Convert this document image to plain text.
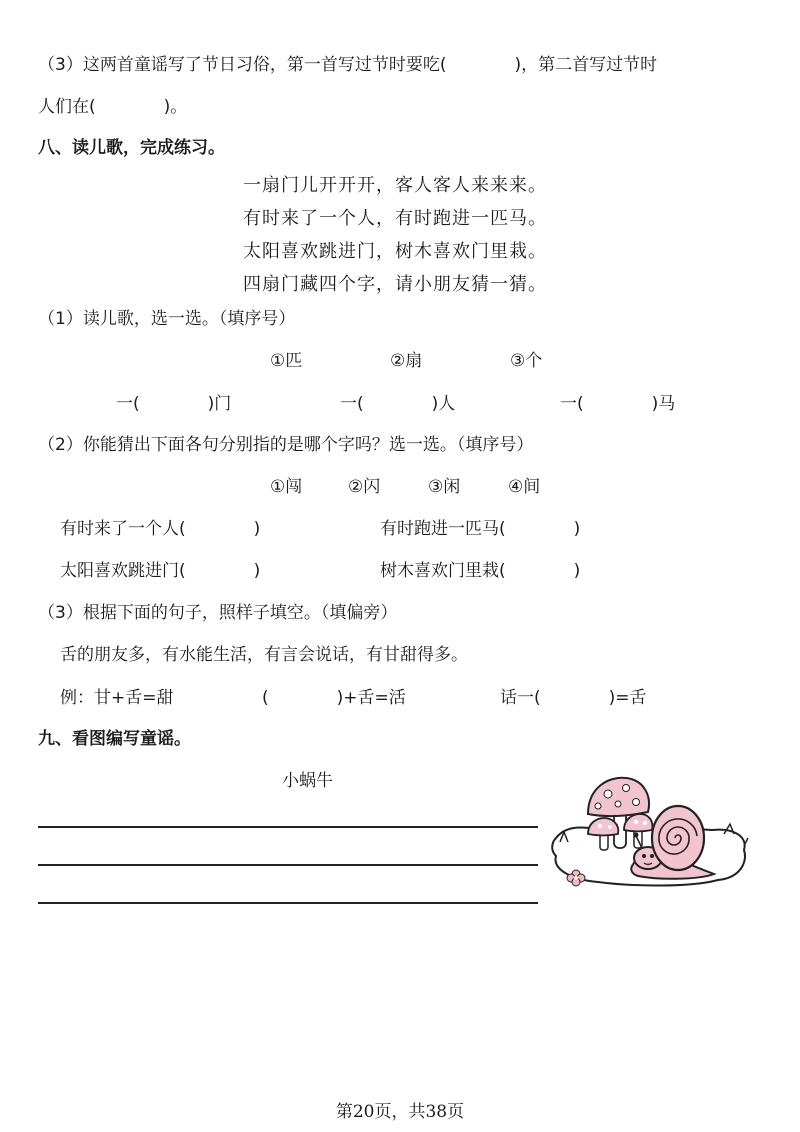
（3）这两首童谣写了节日习俗，第一首写过节时要吃(　　　　)，第二首写过节时
人们在(　　　　)。
八、读儿歌，完成练习。
一扇门儿开开开，客人客人来来来。
有时来了一个人，有时跑进一匹马。
太阳喜欢跳进门，树木喜欢门里栽。
四扇门藏四个字，请小朋友猜一猜。
（1）读儿歌，选一选。（填序号）
①匹	②扇	③个
一(　　　　)门	一(　　　　)人	一(　　　　)马
（2）你能猜出下面各句分别指的是哪个字吗？选一选。（填序号）
①闯	②闪	③闲	④间
有时来了一个人(　　　　)	有时跑进一匹马(　　　　)
太阳喜欢跳进门(　　　　)	树木喜欢门里栽(　　　　)
（3）根据下面的句子，照样子填空。（填偏旁）
舌的朋友多，有水能生活，有言会说话，有甘甜得多。
例：甘+舌=甜	(　　　　)+舌=活	话一(　　　　)=舌
九、看图编写童谣。
小蜗牛
第20页，共38页
